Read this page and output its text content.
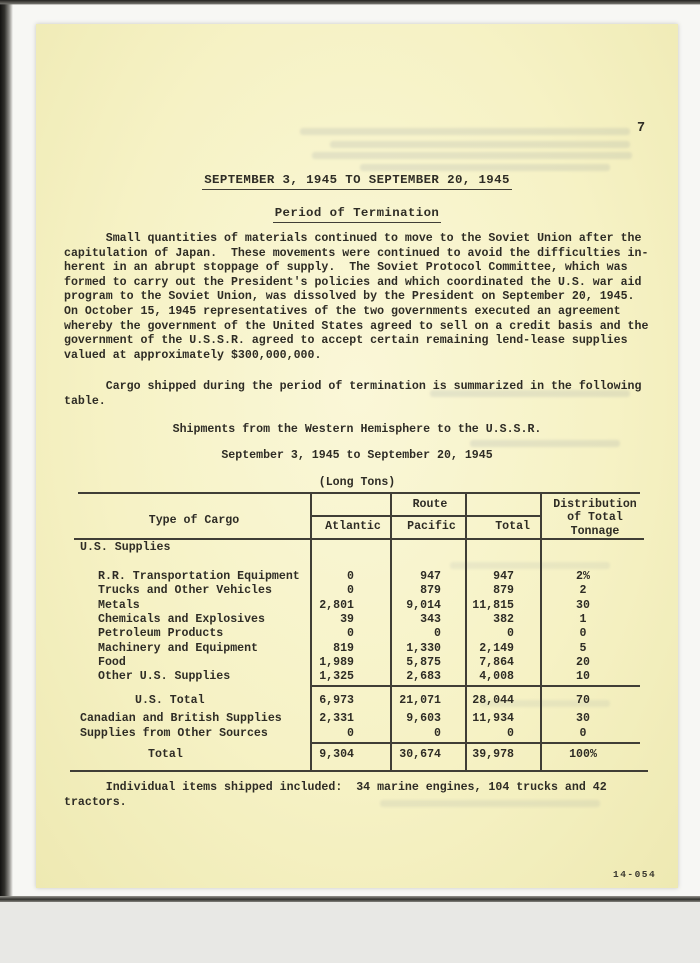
7
SEPTEMBER 3, 1945 TO SEPTEMBER 20, 1945
Period of Termination
Small quantities of materials continued to move to the Soviet Union after the
capitulation of Japan.  These movements were continued to avoid the difficulties in-
herent in an abrupt stoppage of supply.  The Soviet Protocol Committee, which was
formed to carry out the President's policies and which coordinated the U.S. war aid
program to the Soviet Union, was dissolved by the President on September 20, 1945.
On October 15, 1945 representatives of the two governments executed an agreement
whereby the government of the United States agreed to sell on a credit basis and the
government of the U.S.S.R. agreed to accept certain remaining lend-lease supplies
valued at approximately $300,000,000.
Cargo shipped during the period of termination is summarized in the following
table.
Shipments from the Western Hemisphere to the U.S.S.R.
September 3, 1945 to September 20, 1945
(Long Tons)
Type of Cargo
Route
Atlantic	Pacific	Total
Distribution
of Total
Tonnage
U.S. Supplies
R.R. Transportation Equipment	0	947	947	2%
Trucks and Other Vehicles	0	879	879	2
Metals	2,801	9,014	11,815	30
Chemicals and Explosives	39	343	382	1
Petroleum Products	0	0	0	0
Machinery and Equipment	819	1,330	2,149	5
Food	1,989	5,875	7,864	20
Other U.S. Supplies	1,325	2,683	4,008	10
U.S. Total	6,973	21,071	28,044	70
Canadian and British Supplies	2,331	9,603	11,934	30
Supplies from Other Sources	0	0	0	0
Total	9,304	30,674	39,978	100%
Individual items shipped included:  34 marine engines, 104 trucks and 42
tractors.
14-054
